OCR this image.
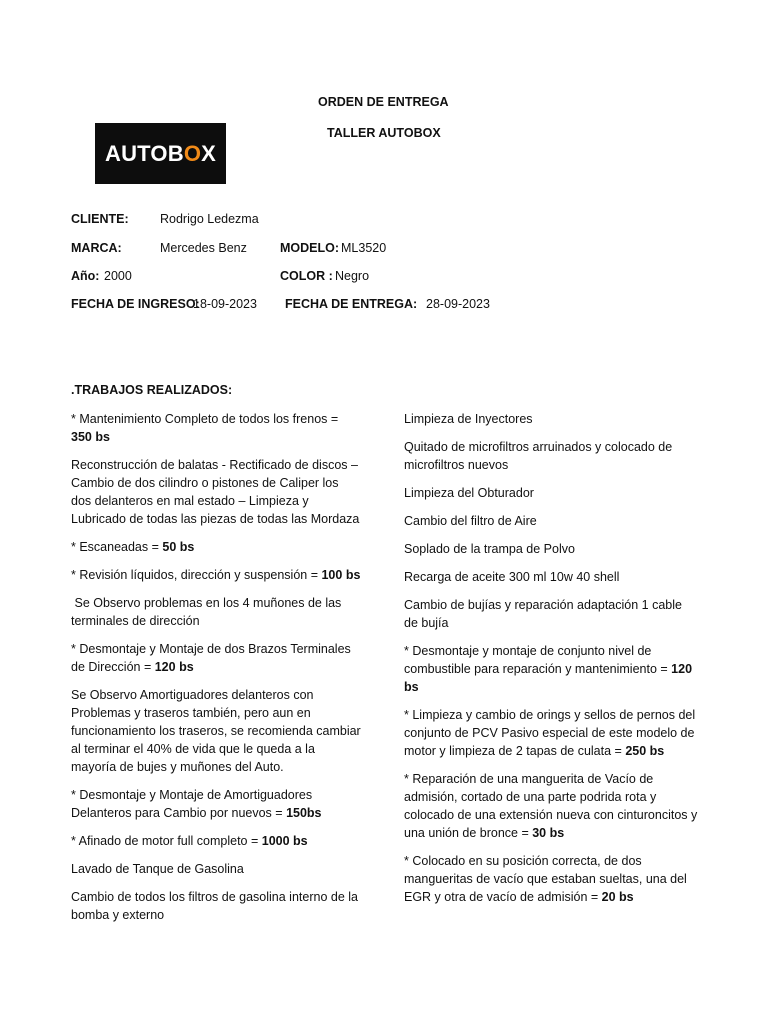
ORDEN DE ENTREGA
TALLER AUTOBOX
AUTOBOX
CLIENTE:	Rodrigo Ledezma
MARCA:	Mercedes Benz	MODELO: ML3520
Año: 2000	COLOR : Negro
FECHA DE INGRESO:
18-09-2023 FECHA DE ENTREGA: 28-09-2023
.TRABAJOS REALIZADOS:

* Mantenimiento Completo de todos los frenos = 350 bs

Reconstrucción de balatas - Rectificado de discos – Cambio de dos cilindro o pistones de Caliper los dos delanteros en mal estado – Limpieza y Lubricado de todas las piezas de todas las Mordaza

* Escaneadas = 50 bs

* Revisión líquidos, dirección y suspensión = 100 bs

Se Observo problemas en los 4 muñones de las terminales de dirección

* Desmontaje y Montaje de dos Brazos Terminales de Dirección = 120 bs

Se Observo Amortiguadores delanteros con Problemas y traseros también, pero aun en funcionamiento los traseros, se recomienda cambiar al terminar el 40% de vida que le queda a la mayoría de bujes y muñones del Auto.

* Desmontaje y Montaje de Amortiguadores Delanteros para Cambio por nuevos = 150bs

* Afinado de motor full completo = 1000 bs

Lavado de Tanque de Gasolina

Cambio de todos los filtros de gasolina interno de la bomba y externo

Limpieza de Inyectores

Quitado de microfiltros arruinados y colocado de microfiltros nuevos

Limpieza del Obturador

Cambio del filtro de Aire

Soplado de la trampa de Polvo

Recarga de aceite 300 ml 10w 40 shell

Cambio de bujías y reparación adaptación 1 cable de bujía

* Desmontaje y montaje de conjunto nivel de combustible para reparación y mantenimiento = 120 bs

* Limpieza y cambio de orings y sellos de pernos del conjunto de PCV Pasivo especial de este modelo de motor y limpieza de 2 tapas de culata = 250 bs

* Reparación de una manguerita de Vacío de admisión, cortado de una parte podrida rota y colocado de una extensión nueva con cinturoncitos y una unión de bronce = 30 bs

* Colocado en su posición correcta, de dos mangueritas de vacío que estaban sueltas, una del EGR y otra de vacío de admisión = 20 bs
